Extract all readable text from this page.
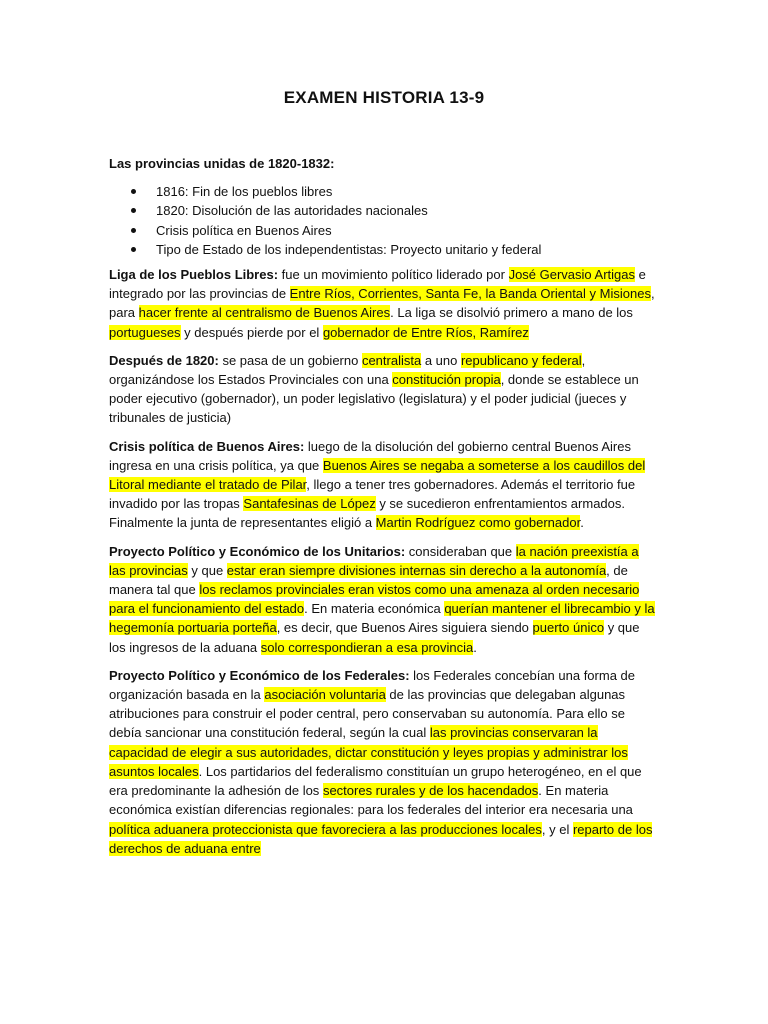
EXAMEN HISTORIA 13-9
Las provincias unidas de 1820-1832:
1816: Fin de los pueblos libres
1820: Disolución de las autoridades nacionales
Crisis política en Buenos Aires
Tipo de Estado de los independentistas: Proyecto unitario y federal

Liga de los Pueblos Libres: fue un movimiento político liderado por José Gervasio Artigas e integrado por las provincias de Entre Ríos, Corrientes, Santa Fe, la Banda Oriental y Misiones, para hacer frente al centralismo de Buenos Aires. La liga se disolvió primero a mano de los portugueses y después pierde por el gobernador de Entre Ríos, Ramírez

Después de 1820: se pasa de un gobierno centralista a uno republicano y federal, organizándose los Estados Provinciales con una constitución propia, donde se establece un poder ejecutivo (gobernador), un poder legislativo (legislatura) y el poder judicial (jueces y tribunales de justicia)

Crisis política de Buenos Aires: luego de la disolución del gobierno central Buenos Aires ingresa en una crisis política, ya que Buenos Aires se negaba a someterse a los caudillos del Litoral mediante el tratado de Pilar, llego a tener tres gobernadores. Además el territorio fue invadido por las tropas Santafesinas de López y se sucedieron enfrentamientos armados. Finalmente la junta de representantes eligió a Martin Rodríguez como gobernador.

Proyecto Político y Económico de los Unitarios: consideraban que la nación preexistía a las provincias y que estar eran siempre divisiones internas sin derecho a la autonomía, de manera tal que los reclamos provinciales eran vistos como una amenaza al orden necesario para el funcionamiento del estado. En materia económica querían mantener el librecambio y la hegemonía portuaria porteña, es decir, que Buenos Aires siguiera siendo puerto único y que los ingresos de la aduana solo correspondieran a esa provincia.

Proyecto Político y Económico de los Federales: los Federales concebían una forma de organización basada en la asociación voluntaria de las provincias que delegaban algunas atribuciones para construir el poder central, pero conservaban su autonomía. Para ello se debía sancionar una constitución federal, según la cual las provincias conservaran la capacidad de elegir a sus autoridades, dictar constitución y leyes propias y administrar los asuntos locales. Los partidarios del federalismo constituían un grupo heterogéneo, en el que era predominante la adhesión de los sectores rurales y de los hacendados. En materia económica existían diferencias regionales: para los federales del interior era necesaria una política aduanera proteccionista que favoreciera a las producciones locales, y el reparto de los derechos de aduana entre
